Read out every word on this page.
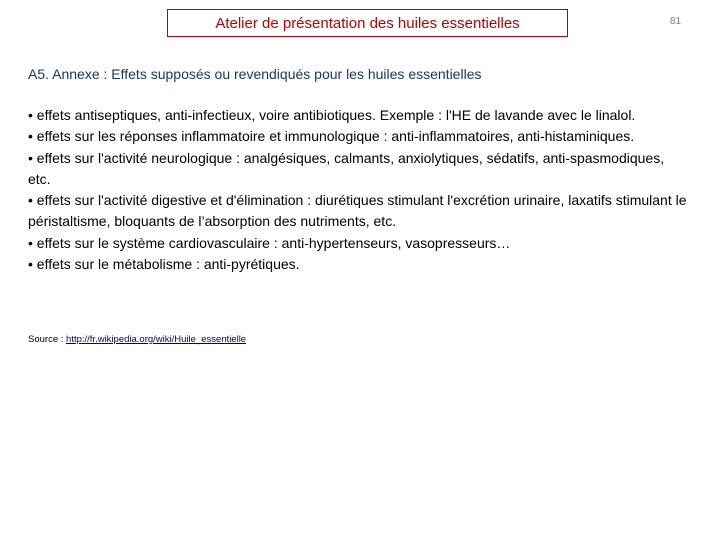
Atelier de présentation des huiles essentielles	81
A5. Annexe : Effets supposés ou revendiqués pour les huiles essentielles
• effets antiseptiques, anti-infectieux, voire antibiotiques. Exemple : l'HE de lavande avec le linalol.
• effets sur les réponses inflammatoire et immunologique : anti-inflammatoires, anti-histaminiques.
• effets sur l'activité neurologique : analgésiques, calmants, anxiolytiques, sédatifs, anti-spasmodiques, etc.
• effets sur l'activité digestive et d'élimination : diurétiques stimulant l'excrétion urinaire, laxatifs stimulant le péristaltisme, bloquants de l’absorption des nutriments, etc.
• effets sur le système cardiovasculaire : anti-hypertenseurs, vasopresseurs…
• effets sur le métabolisme : anti-pyrétiques.
Source : http://fr.wikipedia.org/wiki/Huile_essentielle
